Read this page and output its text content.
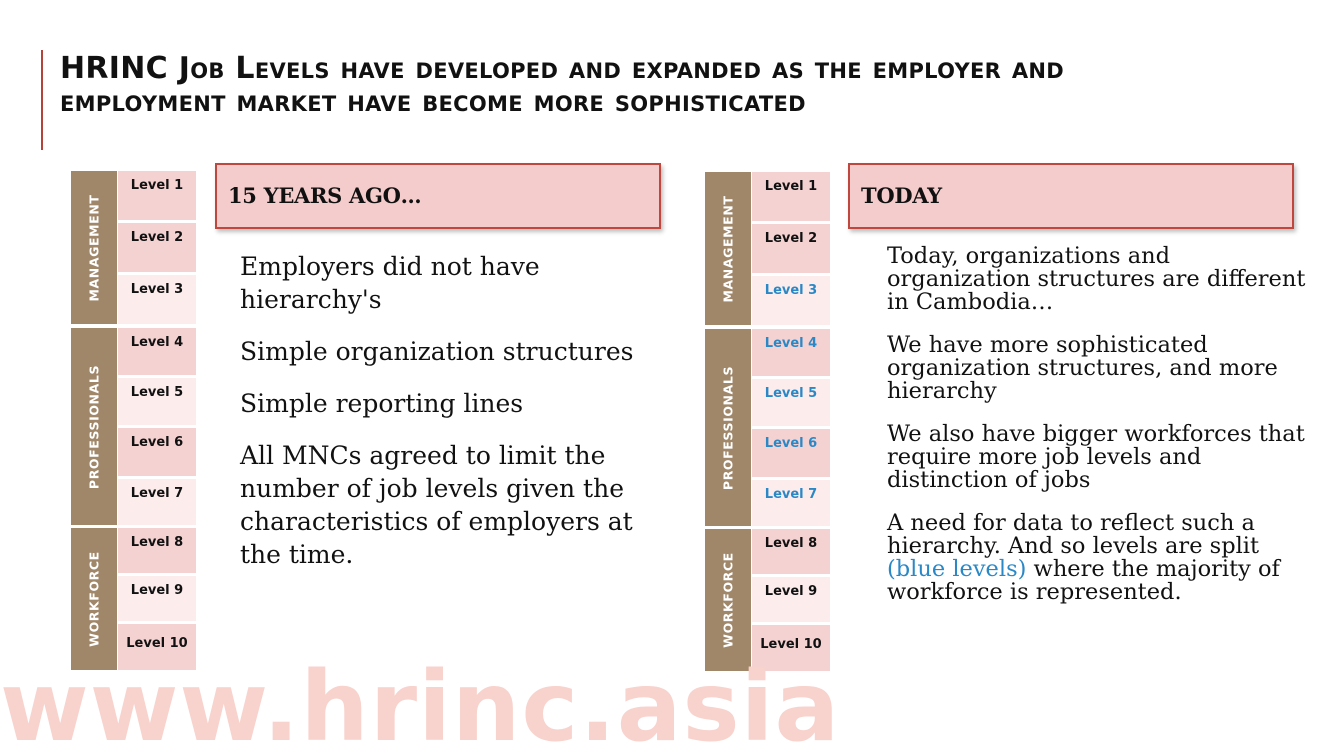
HRINC Job Levels have developed and expanded as the employer and
employment market have become more sophisticated
MANAGEMENT
PROFESSIONALS
WORKFORCE
Level 1
Level 2
Level 3
Level 4
Level 5
Level 6
Level 7
Level 8
Level 9
Level 10
15 YEARS AGO…

Employers did not have hierarchy's

Simple organization structures

Simple reporting lines

All MNCs agreed to limit the number of job levels given the characteristics of employers at the time.

MANAGEMENT
PROFESSIONALS
WORKFORCE
Level 1
Level 2
Level 3
Level 4
Level 5
Level 6
Level 7
Level 8
Level 9
Level 10
TODAY

Today, organizations and organization structures are different in Cambodia…

We have more sophisticated organization structures, and more hierarchy

We also have bigger workforces that require more job levels and distinction of jobs

A need for data to reflect such a hierarchy. And so levels are split (blue levels) where the majority of workforce is represented.

www.hrinc.asia
